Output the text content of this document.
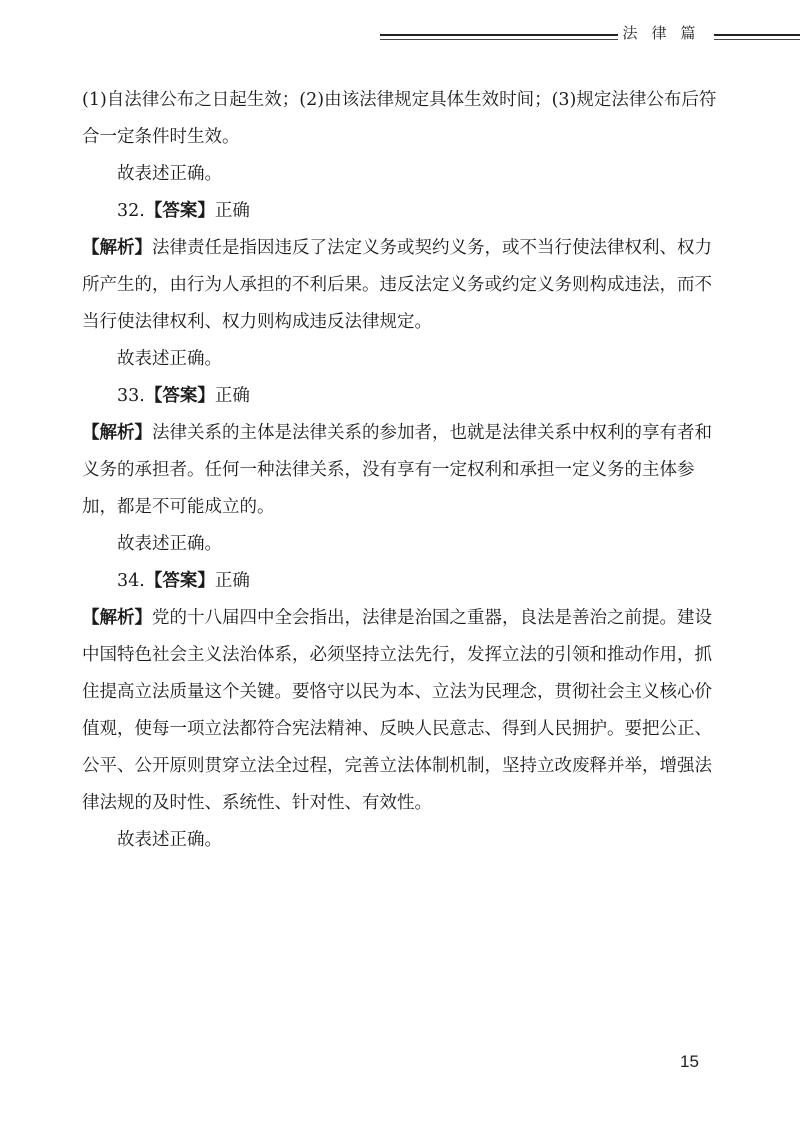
法律篇

(1)自法律公布之日起生效；(2)由该法律规定具体生效时间；(3)规定法律公布后符合一定条件时生效。

故表述正确。

32.【答案】正确

【解析】法律责任是指因违反了法定义务或契约义务，或不当行使法律权利、权力所产生的，由行为人承担的不利后果。违反法定义务或约定义务则构成违法，而不当行使法律权利、权力则构成违反法律规定。

故表述正确。

33.【答案】正确

【解析】法律关系的主体是法律关系的参加者，也就是法律关系中权利的享有者和义务的承担者。任何一种法律关系，没有享有一定权利和承担一定义务的主体参加，都是不可能成立的。

故表述正确。

34.【答案】正确

【解析】党的十八届四中全会指出，法律是治国之重器，良法是善治之前提。建设中国特色社会主义法治体系，必须坚持立法先行，发挥立法的引领和推动作用，抓住提高立法质量这个关键。要恪守以民为本、立法为民理念，贯彻社会主义核心价值观，使每一项立法都符合宪法精神、反映人民意志、得到人民拥护。要把公正、公平、公开原则贯穿立法全过程，完善立法体制机制，坚持立改废释并举，增强法律法规的及时性、系统性、针对性、有效性。

故表述正确。

15
